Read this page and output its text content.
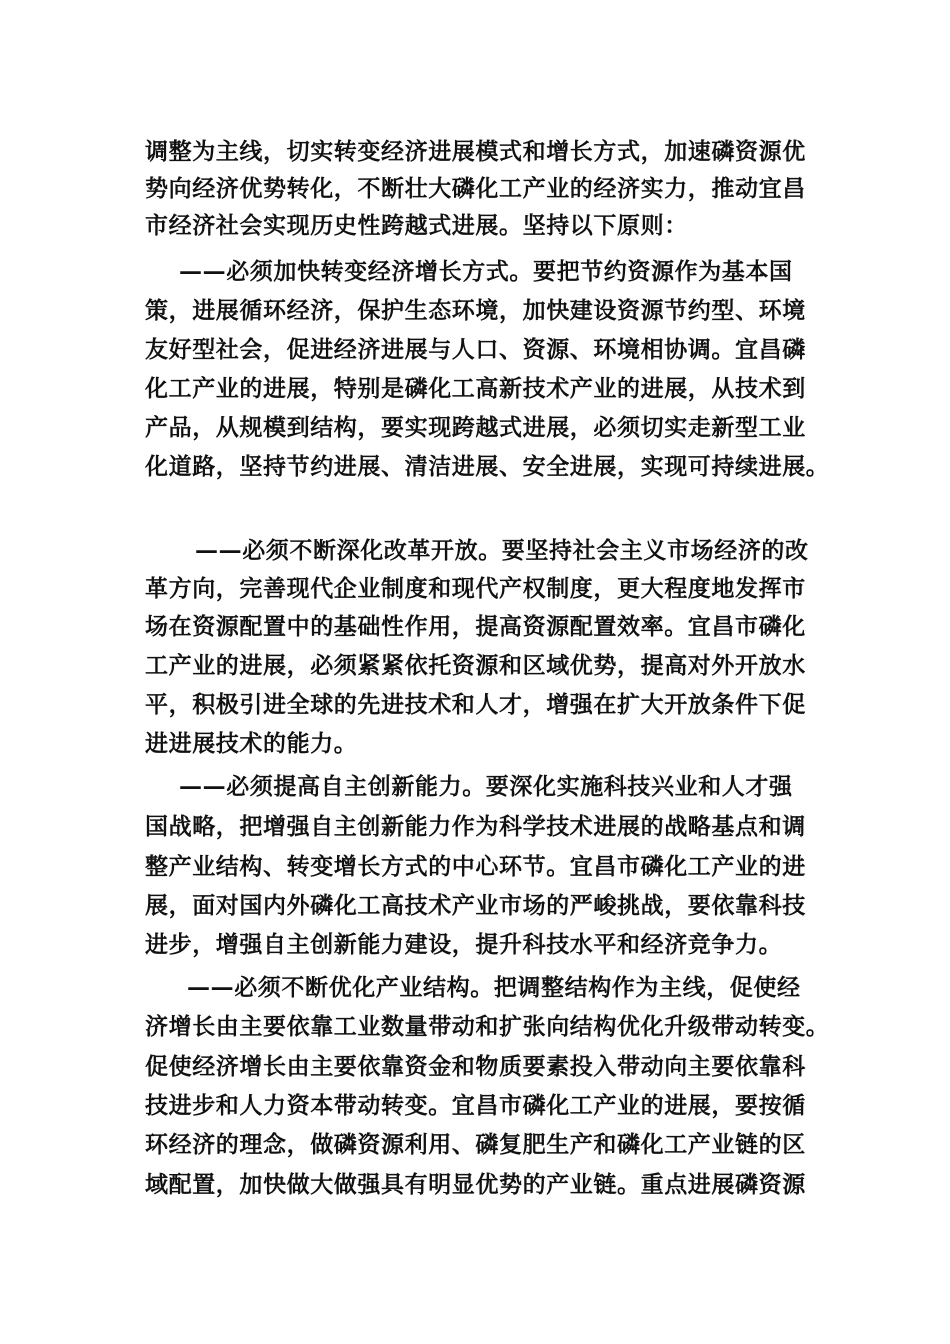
调整为主线，切实转变经济进展模式和增长方式，加速磷资源优
势向经济优势转化，不断壮大磷化工产业的经济实力，推动宜昌
市经济社会实现历史性跨越式进展。坚持以下原则：
——必须加快转变经济增长方式。要把节约资源作为基本国
策，进展循环经济，保护生态环境，加快建设资源节约型、环境
友好型社会，促进经济进展与人口、资源、环境相协调。宜昌磷
化工产业的进展，特别是磷化工高新技术产业的进展，从技术到
产品，从规模到结构，要实现跨越式进展，必须切实走新型工业
化道路，坚持节约进展、清洁进展、安全进展，实现可持续进展。
——必须不断深化改革开放。要坚持社会主义市场经济的改
革方向，完善现代企业制度和现代产权制度，更大程度地发挥市
场在资源配置中的基础性作用，提高资源配置效率。宜昌市磷化
工产业的进展，必须紧紧依托资源和区域优势，提高对外开放水
平，积极引进全球的先进技术和人才，增强在扩大开放条件下促
进进展技术的能力。
——必须提高自主创新能力。要深化实施科技兴业和人才强
国战略，把增强自主创新能力作为科学技术进展的战略基点和调
整产业结构、转变增长方式的中心环节。宜昌市磷化工产业的进
展，面对国内外磷化工高技术产业市场的严峻挑战，要依靠科技
进步，增强自主创新能力建设，提升科技水平和经济竞争力。
——必须不断优化产业结构。把调整结构作为主线，促使经
济增长由主要依靠工业数量带动和扩张向结构优化升级带动转变。
促使经济增长由主要依靠资金和物质要素投入带动向主要依靠科
技进步和人力资本带动转变。宜昌市磷化工产业的进展，要按循
环经济的理念，做磷资源利用、磷复肥生产和磷化工产业链的区
域配置，加快做大做强具有明显优势的产业链。重点进展磷资源
